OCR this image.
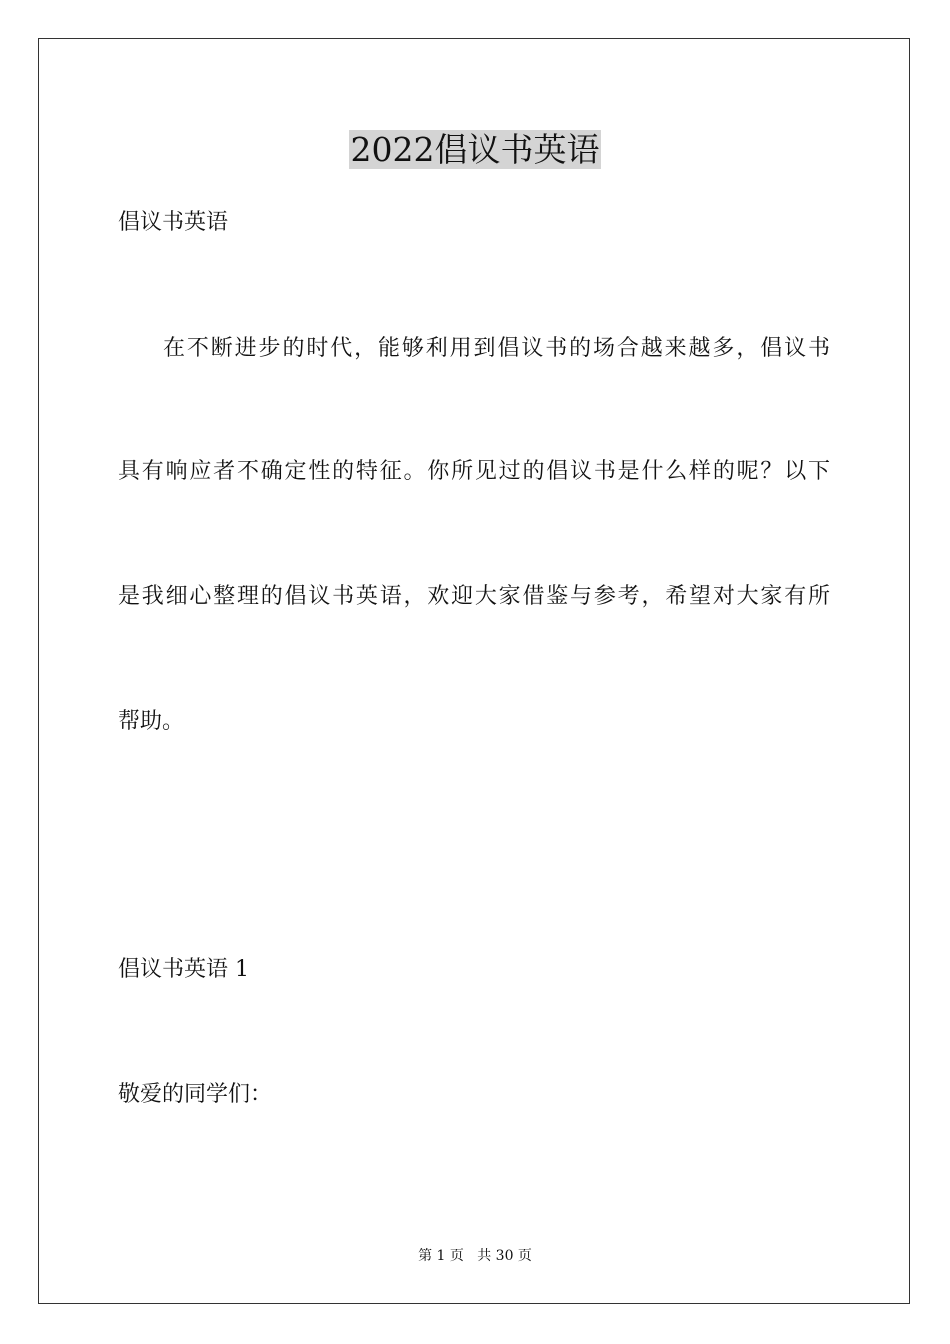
2022倡议书英语

倡议书英语

在不断进步的时代，能够利用到倡议书的场合越来越多，倡议书

具有响应者不确定性的特征。你所见过的倡议书是什么样的呢？以下

是我细心整理的倡议书英语，欢迎大家借鉴与参考，希望对大家有所

帮助。

倡议书英语 1

敬爱的同学们：

第 1 页   共 30 页
